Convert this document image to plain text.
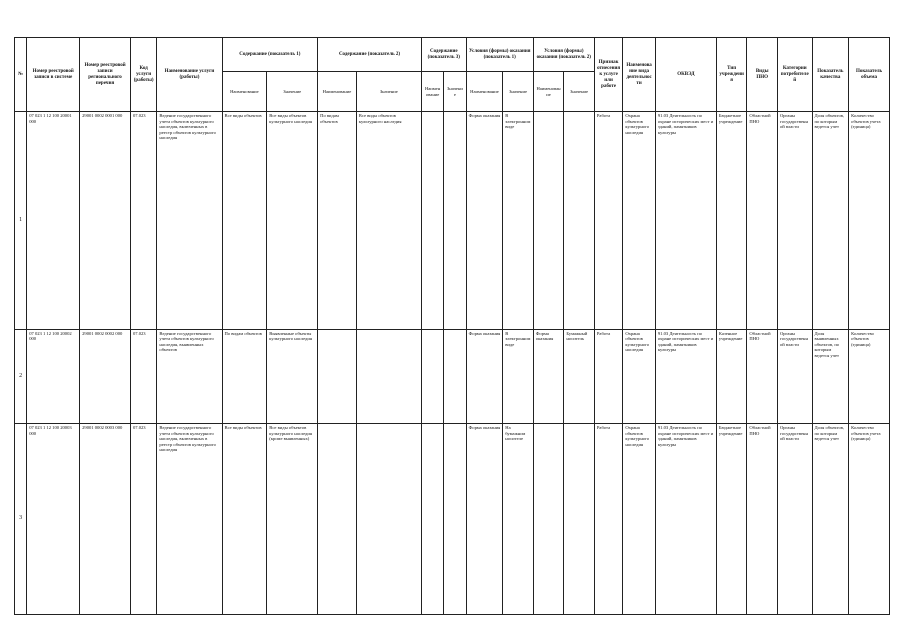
№	Номер реестровой записи в системе	Номер реестровой записи регионального перечня	Код услуги (работы)	Наименование услуги (работы)	Содержание (показатель 1)		Содержание (показатель 2)		Содержание (показатель 3)		Условия (формы) оказания (показатель 1)		Условия (формы) оказания (показатель 2)		Признак отнесения к услуге или работе	Наименование вида деятельности	ОКВЭД	Тип учреждения	Виды ПНО	Категории потребителей	Показатель качества	Показатель объема
					Наименование	Значение	Наименование	Значение	Наименование	Значение	Наименование	Значение	Наименование	Значение								
1	07 023 1 12 100 20001 000	29001 0002 0001 000	07.023	Ведение государственного учета объектов культурного наследия, включенных в реестр объектов культурного наследия	Все виды объектов	Все виды объектов культурного наследия	По видам объектов	Все виды объектов культурного наследия			Форма оказания	В электронном виде			Работа	Охрана объектов культурного наследия	91.03 Деятельность по охране исторических мест и зданий, памятников культуры	Бюджетное учреждение	Областной ПНО	Органы государственной власти	Доля объектов, по которым ведется учет	Количество объектов учета (единица)
2	07 023 1 12 100 20002 000	29001 0002 0002 000	07.023	Ведение государственного учета объектов культурного наследия, выявленных объектов	По видам объектов	Выявленные объекты культурного наследия					Форма оказания	В электронном виде	Форма оказания	Бумажный носитель	Работа	Охрана объектов культурного наследия	91.03 Деятельность по охране исторических мест и зданий, памятников культуры	Казенное учреждение	Областной ПНО	Органы государственной власти	Доля выявленных объектов, по которым ведется учет	Количество объектов (единица)
3	07 023 1 12 100 20003 000	29001 0002 0003 000	07.023	Ведение государственного учета объектов культурного наследия, включенных в реестр объектов культурного наследия	Все виды объектов	Все виды объектов культурного наследия (кроме выявленных)					Форма оказания	На бумажном носителе			Работа	Охрана объектов культурного наследия	91.03 Деятельность по охране исторических мест и зданий, памятников культуры	Бюджетное учреждение	Областной ПНО	Органы государственной власти	Доля объектов, по которым ведется учет	Количество объектов учета (единица)
